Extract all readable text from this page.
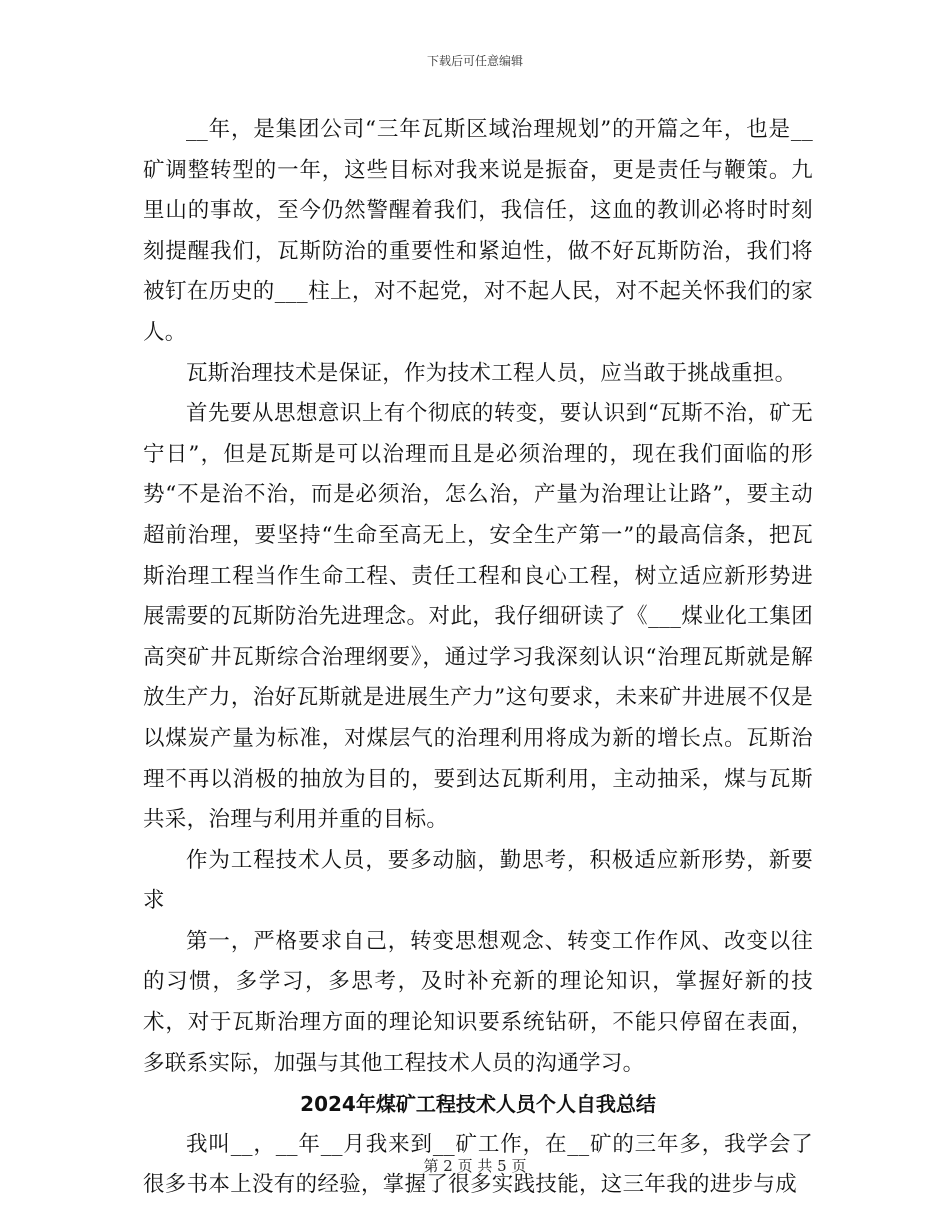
下载后可任意编辑

__年，是集团公司“三年瓦斯区域治理规划”的开篇之年，也是__矿调整转型的一年，这些目标对我来说是振奋，更是责任与鞭策。九里山的事故，至今仍然警醒着我们，我信任，这血的教训必将时时刻刻提醒我们，瓦斯防治的重要性和紧迫性，做不好瓦斯防治，我们将被钉在历史的___柱上，对不起党，对不起人民，对不起关怀我们的家人。

瓦斯治理技术是保证，作为技术工程人员，应当敢于挑战重担。

首先要从思想意识上有个彻底的转变，要认识到“瓦斯不治，矿无宁日”，但是瓦斯是可以治理而且是必须治理的，现在我们面临的形势“不是治不治，而是必须治，怎么治，产量为治理让让路”，要主动超前治理，要坚持“生命至高无上，安全生产第一”的最高信条，把瓦斯治理工程当作生命工程、责任工程和良心工程，树立适应新形势进展需要的瓦斯防治先进理念。对此，我仔细研读了《___煤业化工集团高突矿井瓦斯综合治理纲要》，通过学习我深刻认识“治理瓦斯就是解放生产力，治好瓦斯就是进展生产力”这句要求，未来矿井进展不仅是以煤炭产量为标准，对煤层气的治理利用将成为新的增长点。瓦斯治理不再以消极的抽放为目的，要到达瓦斯利用，主动抽采，煤与瓦斯共采，治理与利用并重的目标。

作为工程技术人员，要多动脑，勤思考，积极适应新形势，新要求

第一，严格要求自己，转变思想观念、转变工作作风、改变以往的习惯，多学习，多思考，及时补充新的理论知识，掌握好新的技术，对于瓦斯治理方面的理论知识要系统钻研，不能只停留在表面，多联系实际，加强与其他工程技术人员的沟通学习。

2024年煤矿工程技术人员个人自我总结

我叫__，__年__月我来到__矿工作，在__矿的三年多，我学会了很多书本上没有的经验，掌握了很多实践技能，这三年我的进步与成

第 2 页 共 5 页
